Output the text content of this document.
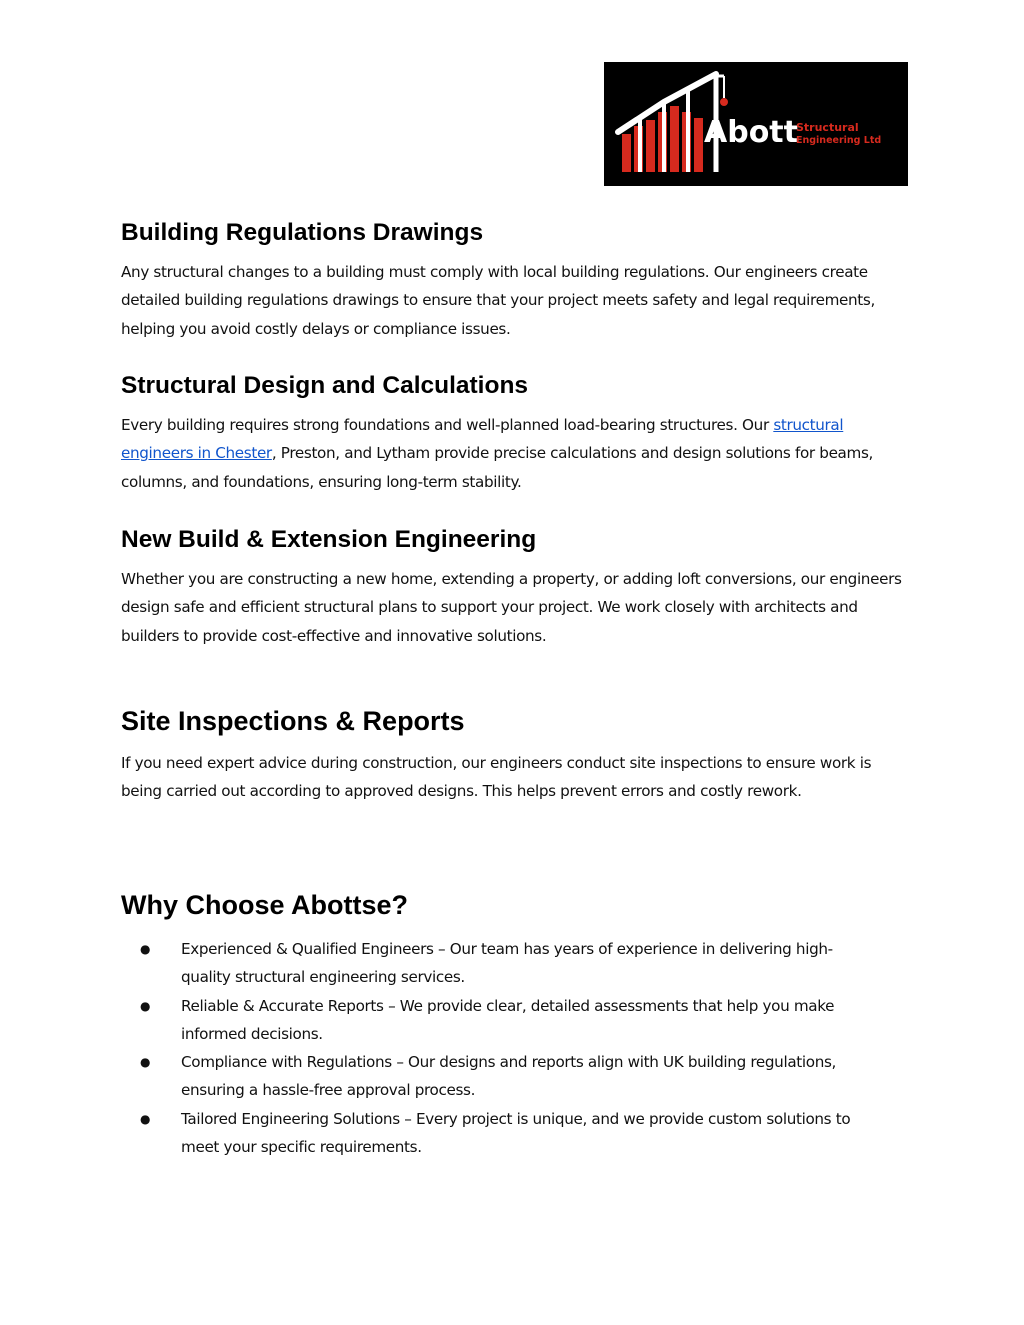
Abott
Structural
Engineering Ltd
Building Regulations Drawings

Any structural changes to a building must comply with local building regulations. Our engineers create detailed building regulations drawings to ensure that your project meets safety and legal requirements, helping you avoid costly delays or compliance issues.

Structural Design and Calculations

Every building requires strong foundations and well-planned load-bearing structures. Our structural engineers in Chester, Preston, and Lytham provide precise calculations and design solutions for beams, columns, and foundations, ensuring long-term stability.

New Build & Extension Engineering

Whether you are constructing a new home, extending a property, or adding loft conversions, our engineers design safe and efficient structural plans to support your project. We work closely with architects and builders to provide cost-effective and innovative solutions.

Site Inspections & Reports

If you need expert advice during construction, our engineers conduct site inspections to ensure work is being carried out according to approved designs. This helps prevent errors and costly rework.

Why Choose Abottse?
● Experienced & Qualified Engineers – Our team has years of experience in delivering high-quality structural engineering services.
● Reliable & Accurate Reports – We provide clear, detailed assessments that help you make informed decisions.
● Compliance with Regulations – Our designs and reports align with UK building regulations, ensuring a hassle-free approval process.
● Tailored Engineering Solutions – Every project is unique, and we provide custom solutions to meet your specific requirements.
